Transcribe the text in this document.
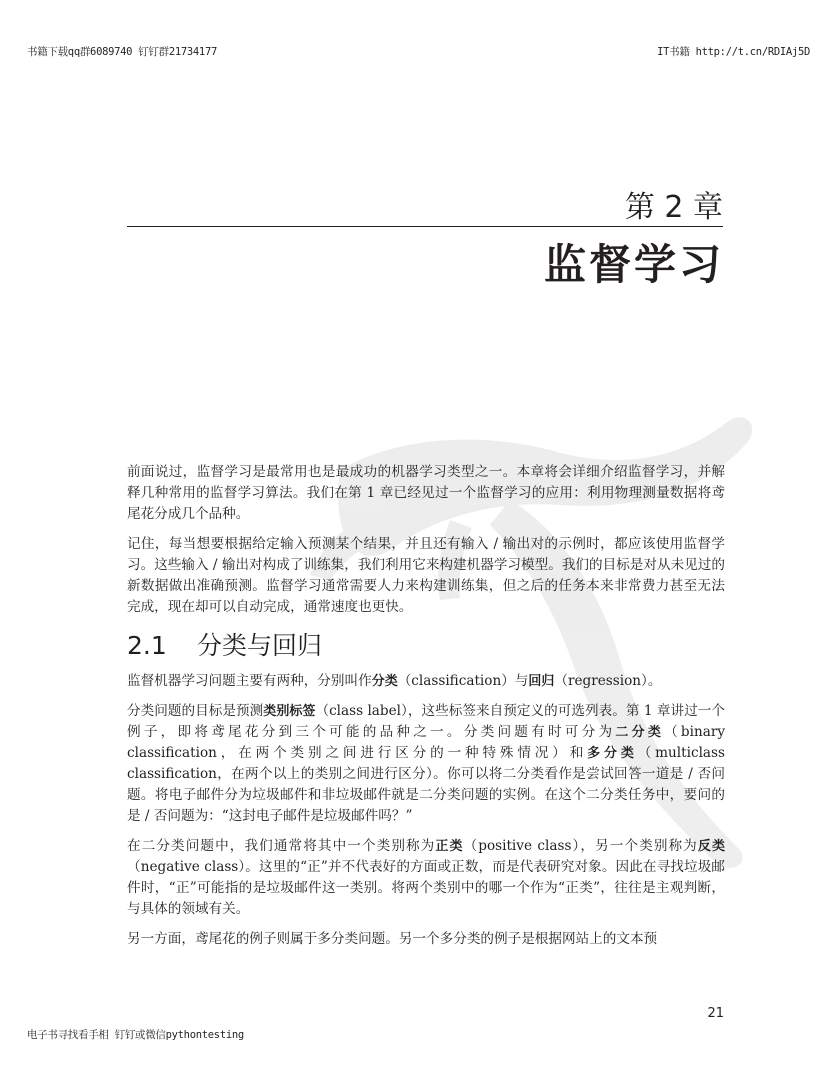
书籍下载qq群6089740 钉钉群21734177	IT书籍 http://t.cn/RDIAj5D
第 2 章
监督学习

前面说过，监督学习是最常用也是最成功的机器学习类型之一。本章将会详细介绍监督学习，并解释几种常用的监督学习算法。我们在第 1 章已经见过一个监督学习的应用：利用物理测量数据将鸢尾花分成几个品种。

记住，每当想要根据给定输入预测某个结果，并且还有输入 / 输出对的示例时，都应该使用监督学习。这些输入 / 输出对构成了训练集，我们利用它来构建机器学习模型。我们的目标是对从未见过的新数据做出准确预测。监督学习通常需要人力来构建训练集，但之后的任务本来非常费力甚至无法完成，现在却可以自动完成，通常速度也更快。

2.1 分类与回归

监督机器学习问题主要有两种，分别叫作分类（classification）与回归（regression）。

分类问题的目标是预测类别标签（class label），这些标签来自预定义的可选列表。第 1 章讲过一个例子，即将鸢尾花分到三个可能的品种之一。分类问题有时可分为二分类（binary classification，在两个类别之间进行区分的一种特殊情况）和多分类（multiclass classification，在两个以上的类别之间进行区分）。你可以将二分类看作是尝试回答一道是 / 否问题。将电子邮件分为垃圾邮件和非垃圾邮件就是二分类问题的实例。在这个二分类任务中，要问的是 / 否问题为：“这封电子邮件是垃圾邮件吗？”

在二分类问题中，我们通常将其中一个类别称为正类（positive class），另一个类别称为反类（negative class）。这里的“正”并不代表好的方面或正数，而是代表研究对象。因此在寻找垃圾邮件时，“正”可能指的是垃圾邮件这一类别。将两个类别中的哪一个作为“正类”，往往是主观判断，与具体的领域有关。

另一方面，鸢尾花的例子则属于多分类问题。另一个多分类的例子是根据网站上的文本预

21
电子书寻找看手相 钉钉或微信pythontesting
